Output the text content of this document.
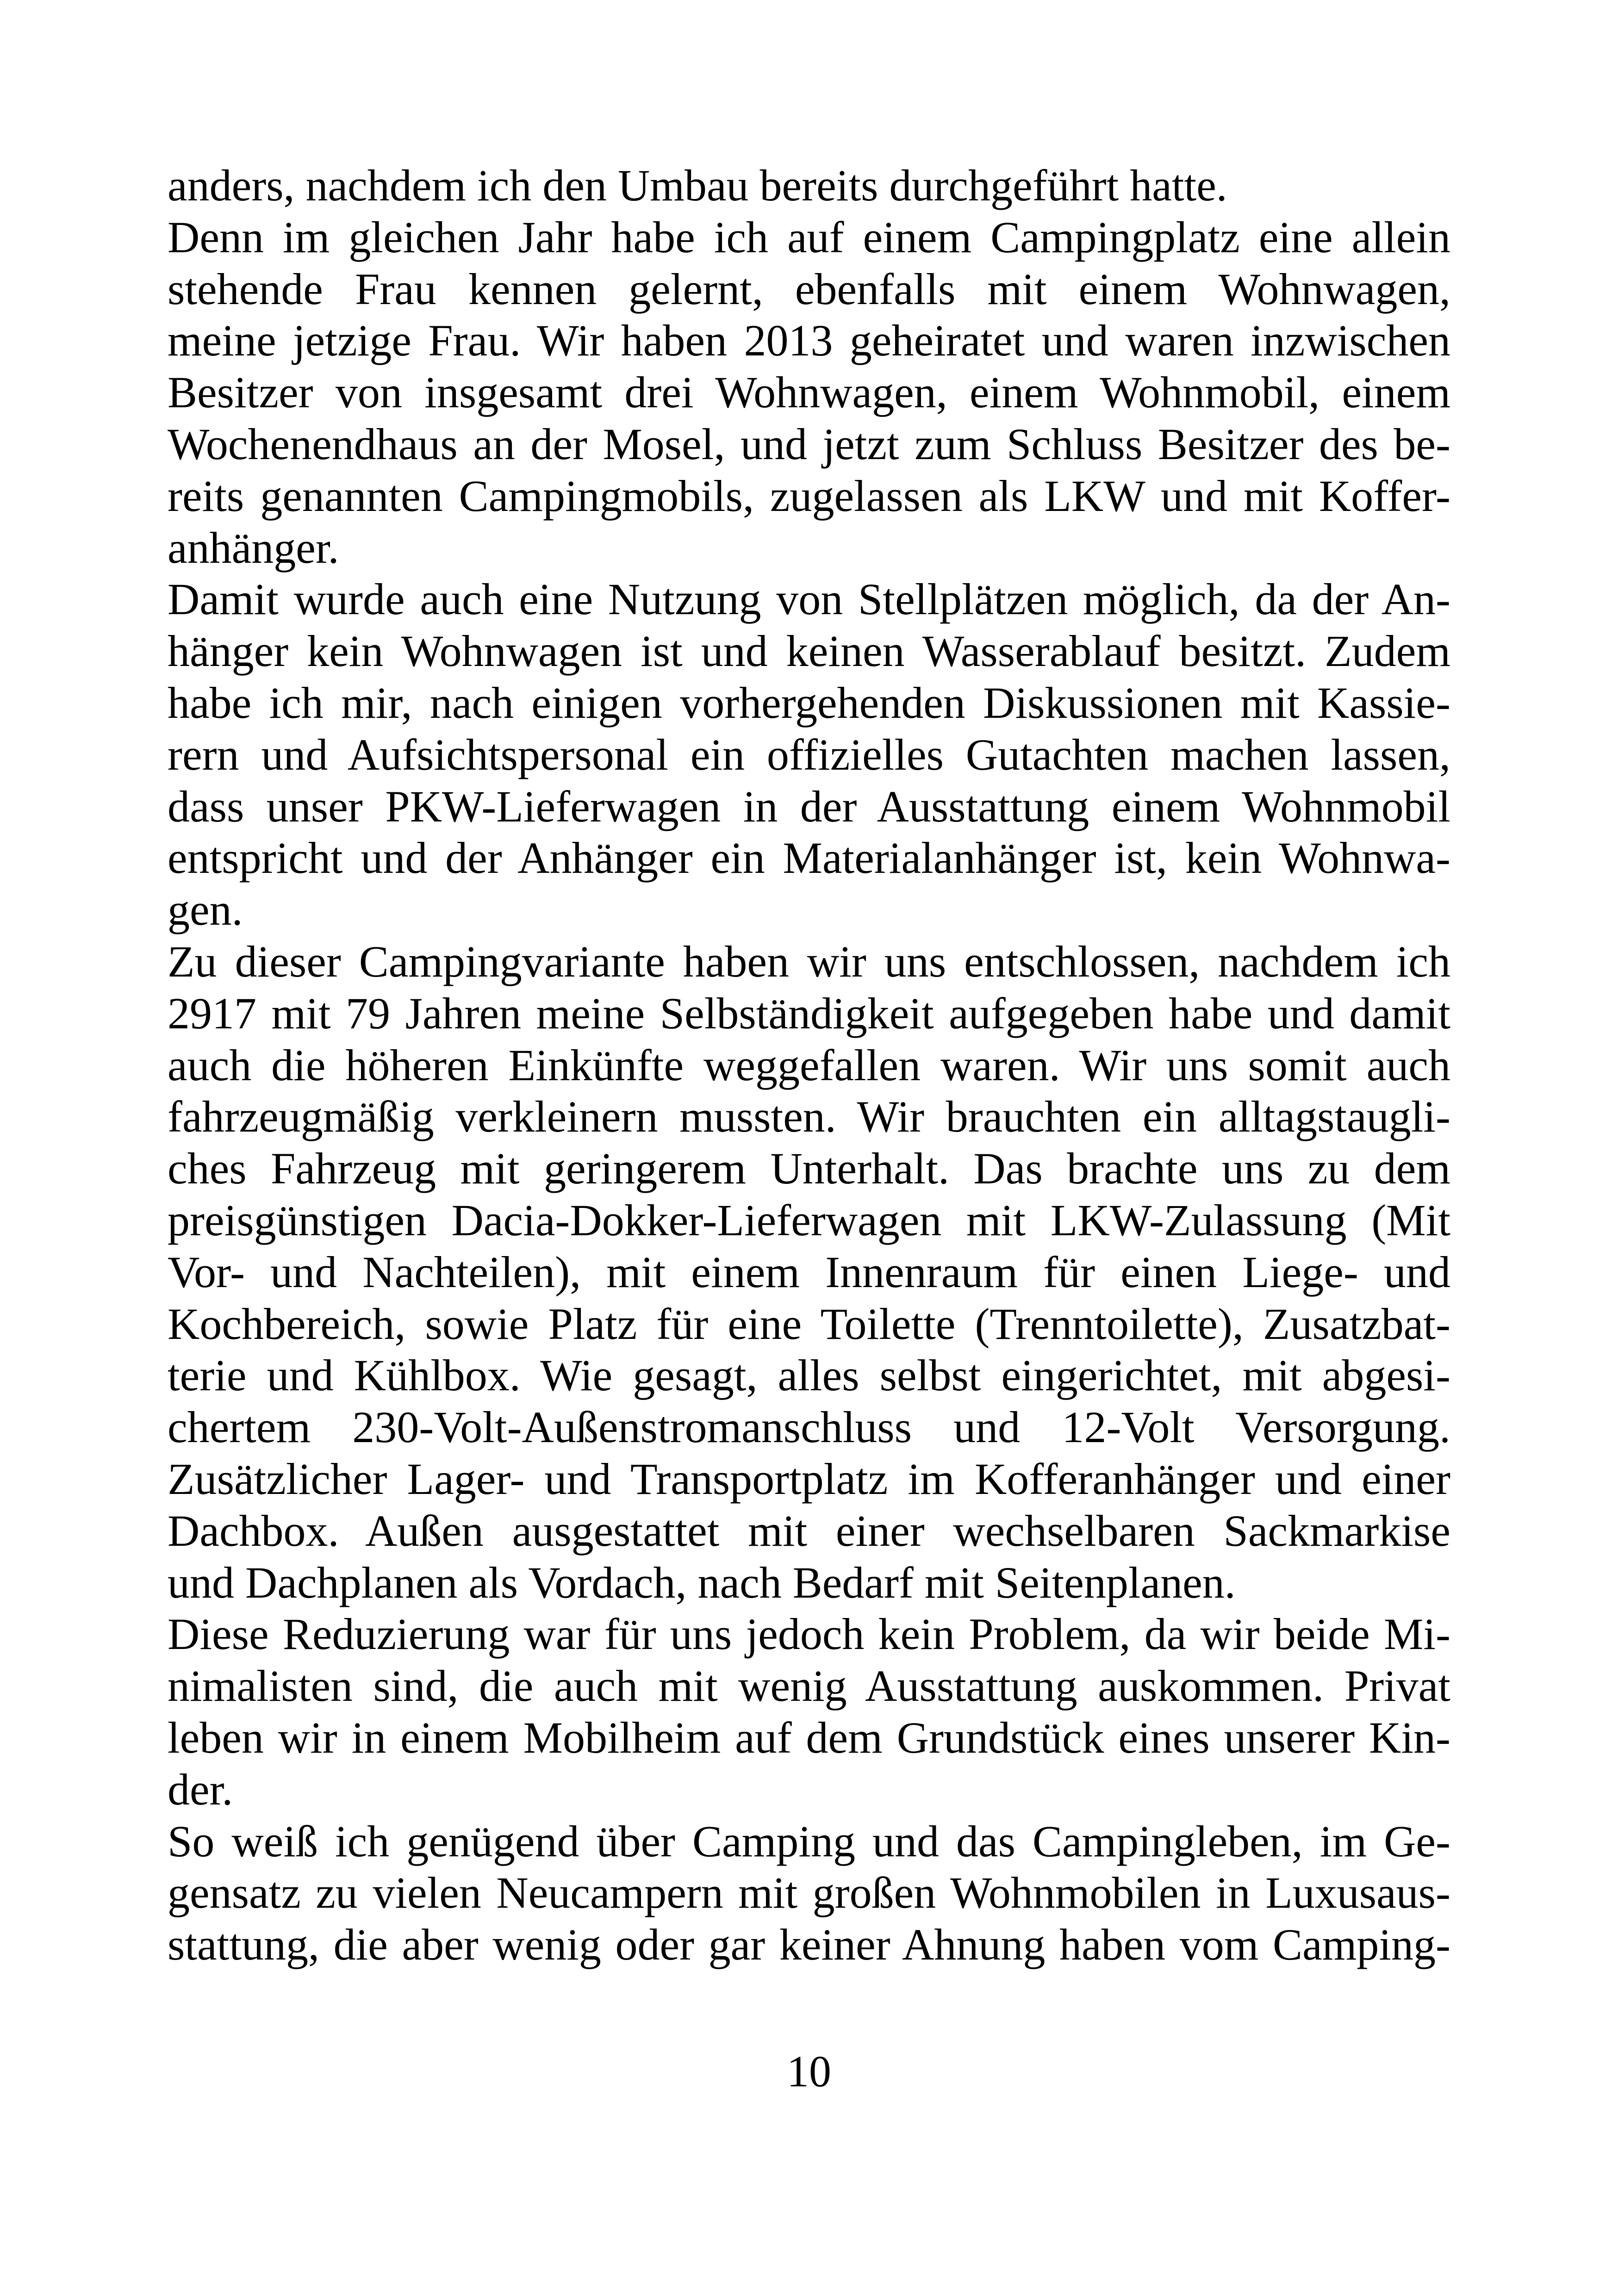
anders, nachdem ich den Umbau bereits durchgeführt hatte.
Denn im gleichen Jahr habe ich auf einem Campingplatz eine allein
stehende Frau kennen gelernt, ebenfalls mit einem Wohnwagen,
meine jetzige Frau. Wir haben 2013 geheiratet und waren inzwischen
Besitzer von insgesamt drei Wohnwagen, einem Wohnmobil, einem
Wochenendhaus an der Mosel, und jetzt zum Schluss Besitzer des be-
reits genannten Campingmobils, zugelassen als LKW und mit Koffer-
anhänger.
Damit wurde auch eine Nutzung von Stellplätzen möglich, da der An-
hänger kein Wohnwagen ist und keinen Wasserablauf besitzt. Zudem
habe ich mir, nach einigen vorhergehenden Diskussionen mit Kassie-
rern und Aufsichtspersonal ein offizielles Gutachten machen lassen,
dass unser PKW-Lieferwagen in der Ausstattung einem Wohnmobil
entspricht und der Anhänger ein Materialanhänger ist, kein Wohnwa-
gen.
Zu dieser Campingvariante haben wir uns entschlossen, nachdem ich
2917 mit 79 Jahren meine Selbständigkeit aufgegeben habe und damit
auch die höheren Einkünfte weggefallen waren. Wir uns somit auch
fahrzeugmäßig verkleinern mussten. Wir brauchten ein alltagstaugli-
ches Fahrzeug mit geringerem Unterhalt. Das brachte uns zu dem
preisgünstigen Dacia-Dokker-Lieferwagen mit LKW-Zulassung (Mit
Vor- und Nachteilen), mit einem Innenraum für einen Liege- und
Kochbereich, sowie Platz für eine Toilette (Trenntoilette), Zusatzbat-
terie und Kühlbox. Wie gesagt, alles selbst eingerichtet, mit abgesi-
chertem 230-Volt-Außenstromanschluss und 12-Volt Versorgung.
Zusätzlicher Lager- und Transportplatz im Kofferanhänger und einer
Dachbox. Außen ausgestattet mit einer wechselbaren Sackmarkise
und Dachplanen als Vordach, nach Bedarf mit Seitenplanen.
Diese Reduzierung war für uns jedoch kein Problem, da wir beide Mi-
nimalisten sind, die auch mit wenig Ausstattung auskommen. Privat
leben wir in einem Mobilheim auf dem Grundstück eines unserer Kin-
der.
So weiß ich genügend über Camping und das Campingleben, im Ge-
gensatz zu vielen Neucampern mit großen Wohnmobilen in Luxusaus-
stattung, die aber wenig oder gar keiner Ahnung haben vom Camping-
10
